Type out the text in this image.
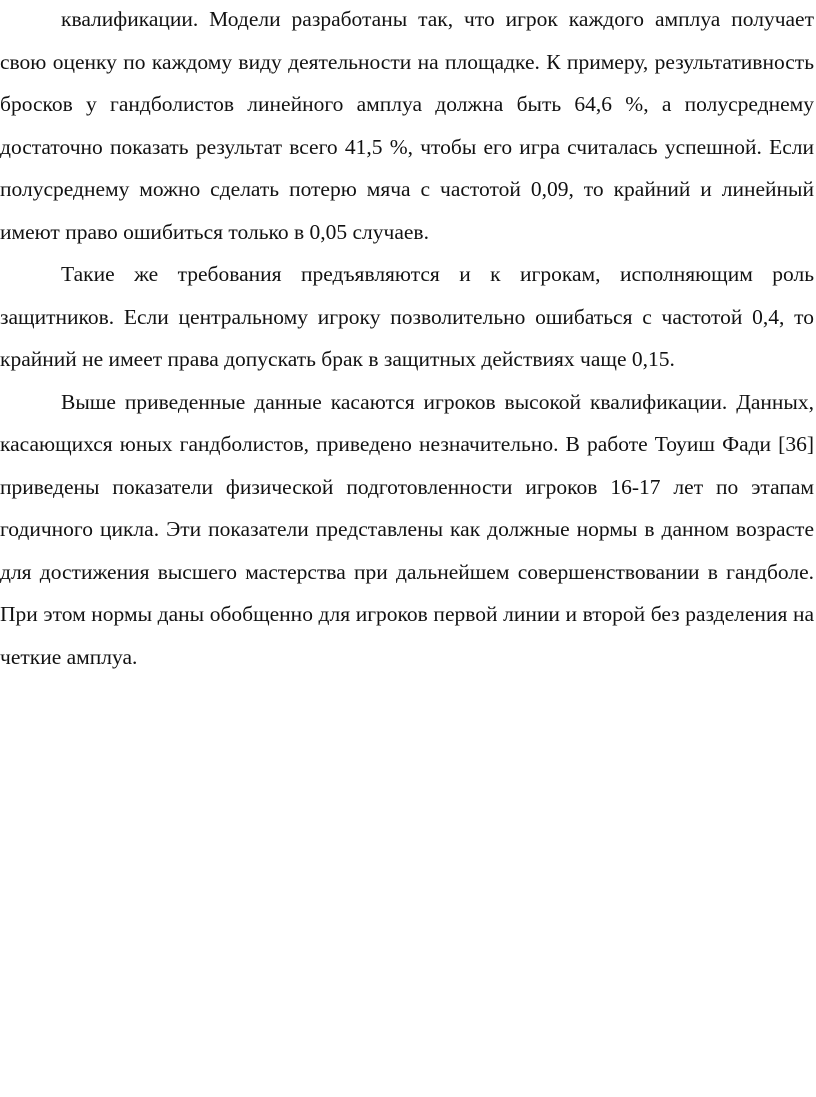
квалификации. Модели разработаны так, что игрок каждого амплуа получает свою оценку по каждому виду деятельности на площадке. К примеру, результативность бросков у гандболистов линейного амплуа должна быть 64,6 %, а полусреднему достаточно показать результат всего 41,5 %, чтобы его игра считалась успешной. Если полусреднему можно сделать потерю мяча с частотой 0,09, то крайний и линейный имеют право ошибиться только в 0,05 случаев.

Такие же требования предъявляются и к игрокам, исполняющим роль защитников. Если центральному игроку позволительно ошибаться с частотой 0,4, то крайний не имеет права допускать брак в защитных действиях чаще 0,15.

Выше приведенные данные касаются игроков высокой квалификации. Данных, касающихся юных гандболистов, приведено незначительно. В работе Тоуиш Фади [36] приведены показатели физической подготовленности игроков 16-17 лет по этапам годичного цикла. Эти показатели представлены как должные нормы в данном возрасте для достижения высшего мастерства при дальнейшем совершенствовании в гандболе. При этом нормы даны обобщенно для игроков первой линии и второй без разделения на четкие амплуа.
